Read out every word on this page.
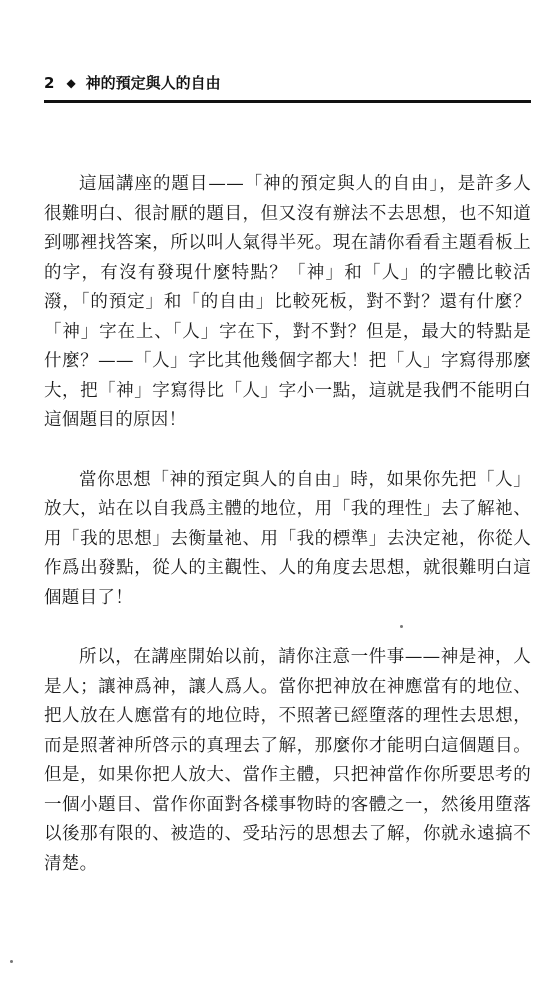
2 ◆ 神的預定與人的自由

這屆講座的題目——「神的預定與人的自由」，是許多人很難明白、很討厭的題目，但又沒有辦法不去思想，也不知道到哪裡找答案，所以叫人氣得半死。現在請你看看主題看板上的字，有沒有發現什麼特點？「神」和「人」的字體比較活潑，「的預定」和「的自由」比較死板，對不對？還有什麼？「神」字在上、「人」字在下，對不對？但是，最大的特點是什麼？——「人」字比其他幾個字都大！把「人」字寫得那麼大，把「神」字寫得比「人」字小一點，這就是我們不能明白這個題目的原因！

當你思想「神的預定與人的自由」時，如果你先把「人」放大，站在以自我爲主體的地位，用「我的理性」去了解祂、用「我的思想」去衡量祂、用「我的標準」去決定祂，你從人作爲出發點，從人的主觀性、人的角度去思想，就很難明白這個題目了！

所以，在講座開始以前，請你注意一件事——神是神，人是人；讓神爲神，讓人爲人。當你把神放在神應當有的地位、把人放在人應當有的地位時，不照著已經墮落的理性去思想，而是照著神所啓示的真理去了解，那麼你才能明白這個題目。但是，如果你把人放大、當作主體，只把神當作你所要思考的一個小題目、當作你面對各樣事物時的客體之一，然後用墮落以後那有限的、被造的、受玷污的思想去了解，你就永遠搞不清楚。
